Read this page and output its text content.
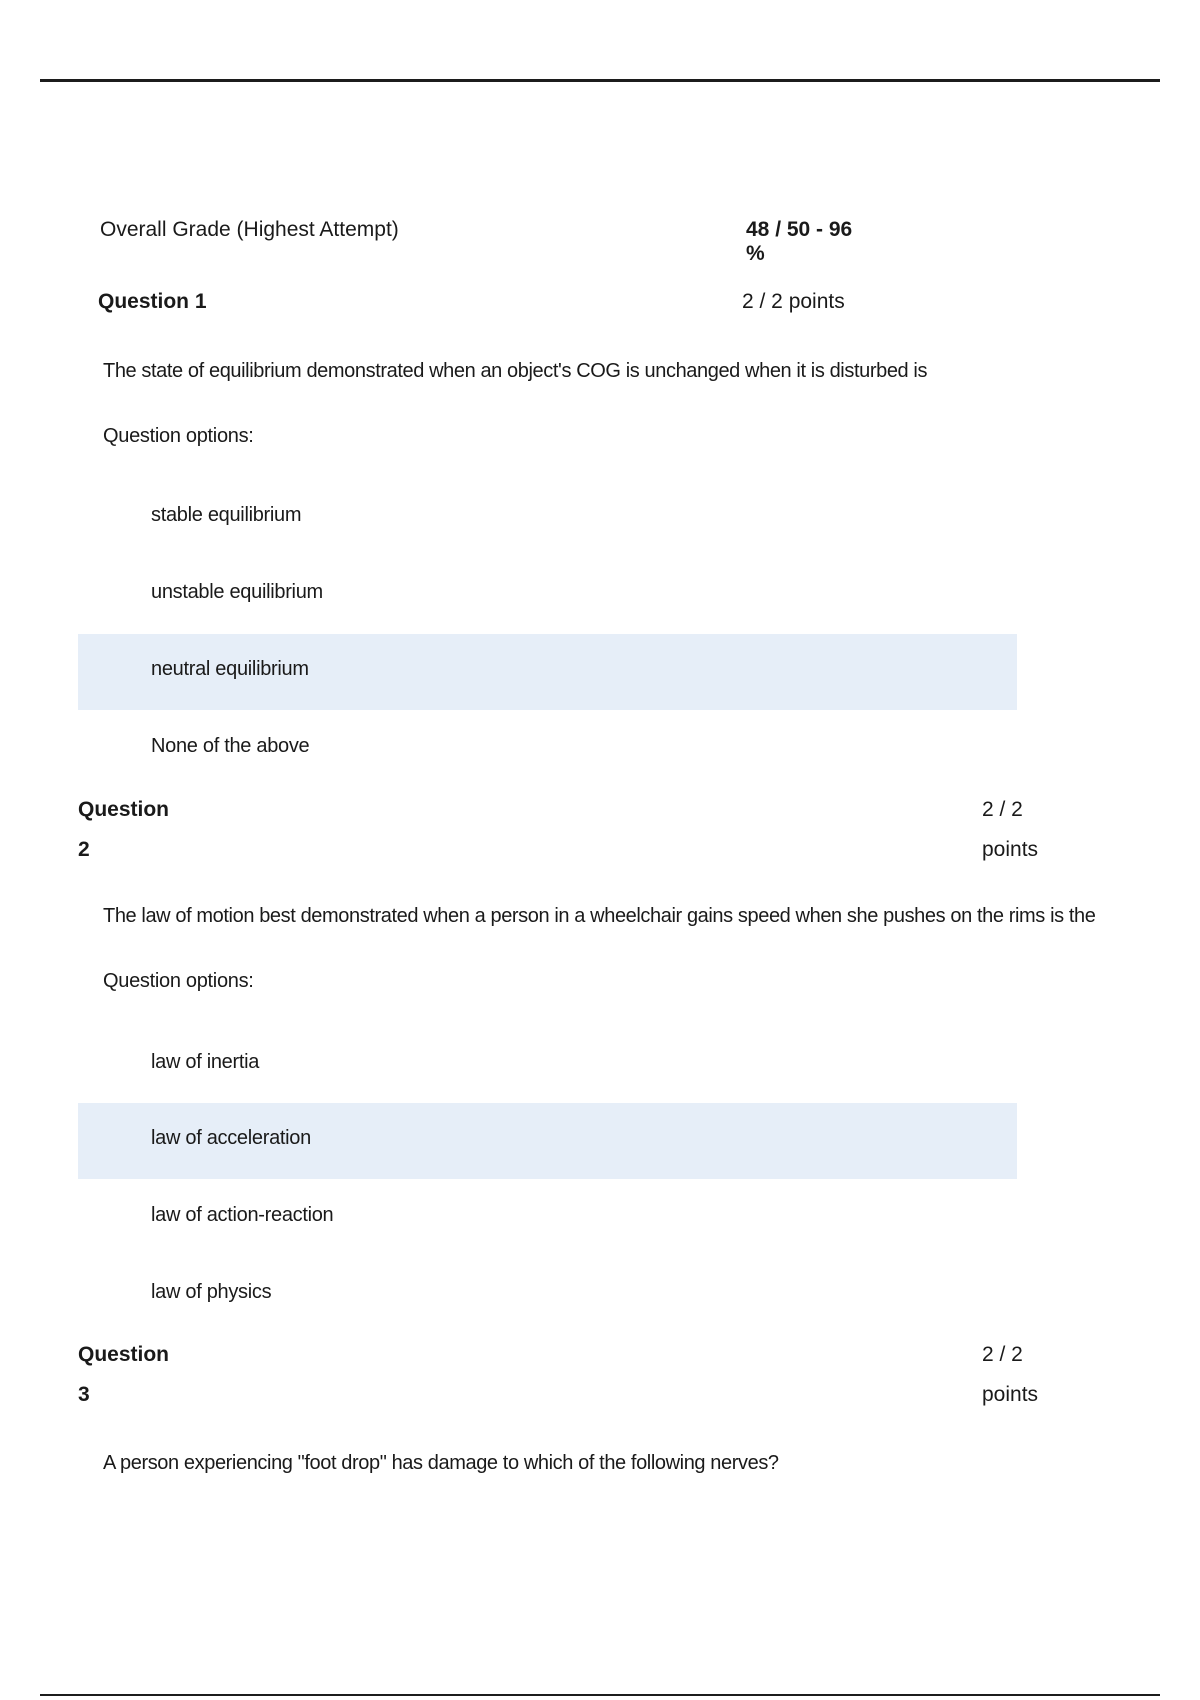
Overall Grade (Highest Attempt)	48 / 50 - 96 %
Question 1	2 / 2 points
The state of equilibrium demonstrated when an object's COG is unchanged when it is disturbed is
Question options:
stable equilibrium
unstable equilibrium
neutral equilibrium
None of the above
Question
2
2 / 2
points
The law of motion best demonstrated when a person in a wheelchair gains speed when she pushes on the rims is the
Question options:
law of inertia
law of acceleration
law of action-reaction
law of physics
Question
3
2 / 2
points
A person experiencing "foot drop" has damage to which of the following nerves?
